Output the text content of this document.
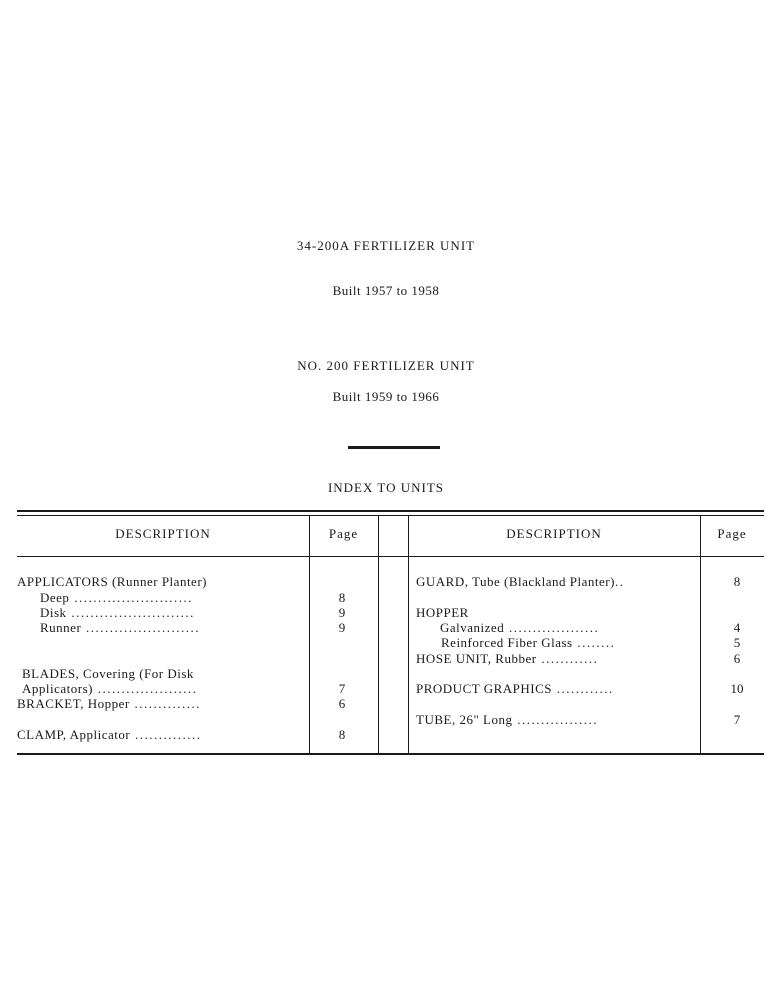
34-200A FERTILIZER UNIT
Built 1957 to 1958
NO. 200 FERTILIZER UNIT
Built 1959 to 1966
INDEX TO UNITS
DESCRIPTION	Page	DESCRIPTION	Page
APPLICATORS (Runner Planter)
Deep .........................	8
Disk ..........................	9
Runner ........................	9
BLADES, Covering (For Disk
Applicators) .....................	7
BRACKET, Hopper ..............	6
CLAMP, Applicator ..............	8
GUARD, Tube (Blackland Planter)..	8
HOPPER
Galvanized ...................	4
Reinforced Fiber Glass ........	5
HOSE UNIT, Rubber ............	6
PRODUCT GRAPHICS ............	10
TUBE, 26" Long .................	7
